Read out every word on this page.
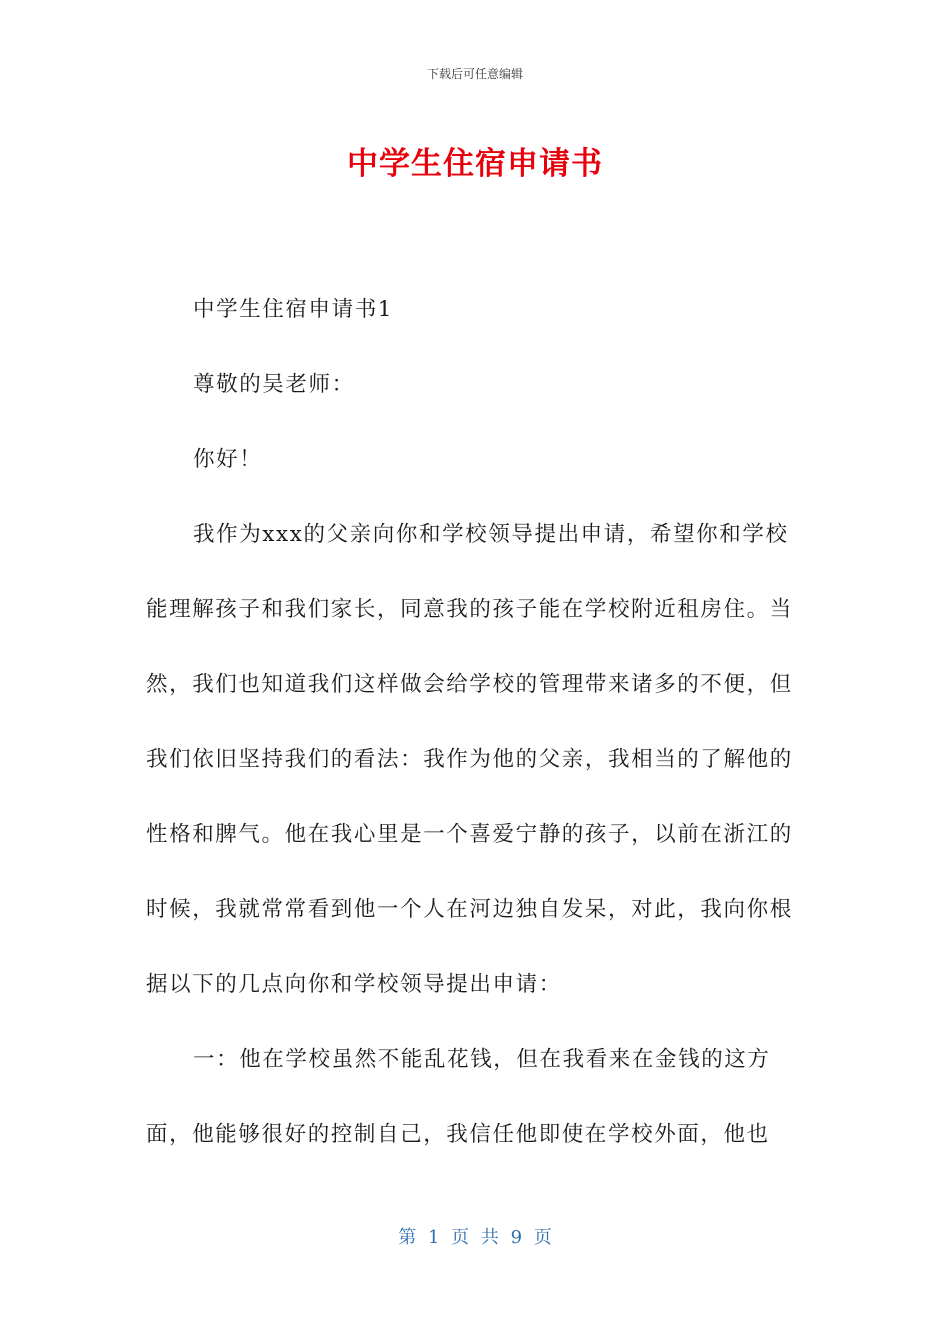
下载后可任意编辑
中学生住宿申请书

中学生住宿申请书1

尊敬的吴老师：

你好！

我作为xxx的父亲向你和学校领导提出申请，希望你和学校能理解孩子和我们家长，同意我的孩子能在学校附近租房住。当然，我们也知道我们这样做会给学校的管理带来诸多的不便，但我们依旧坚持我们的看法：我作为他的父亲，我相当的了解他的性格和脾气。他在我心里是一个喜爱宁静的孩子，以前在浙江的时候，我就常常看到他一个人在河边独自发呆，对此，我向你根据以下的几点向你和学校领导提出申请：

一：他在学校虽然不能乱花钱，但在我看来在金钱的这方面，他能够很好的控制自己，我信任他即使在学校外面，他也

第 1 页 共 9 页
